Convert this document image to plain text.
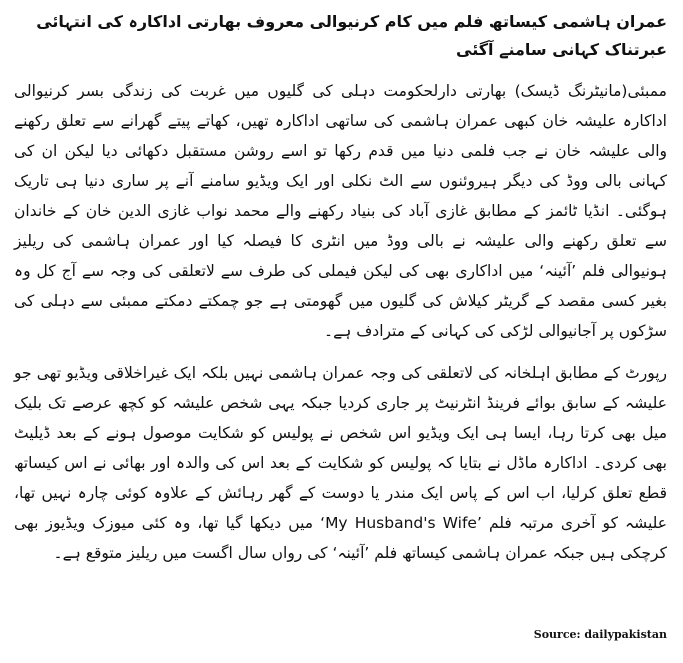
عمران ہاشمی کیساتھ فلم میں کام کرنیوالی معروف بھارتی اداکارہ کی انتہائی عبرتناک کہانی سامنے آگئی

ممبئی(مانیٹرنگ ڈیسک) بھارتی دارلحکومت دہلی کی گلیوں میں غربت کی زندگی بسر کرنیوالی اداکارہ علیشہ خان کبھی عمران ہاشمی کی ساتھی اداکارہ تھیں، کھاتے پیتے گھرانے سے تعلق رکھنے والی علیشہ خان نے جب فلمی دنیا میں قدم رکھا تو اسے روشن مستقبل دکھائی دیا لیکن ان کی کہانی بالی ووڈ کی دیگر ہیروئنوں سے الٹ نکلی اور ایک ویڈیو سامنے آنے پر ساری دنیا ہی تاریک ہوگئی۔ انڈیا ٹائمز کے مطابق غازی آباد کی بنیاد رکھنے والے محمد نواب غازی الدین خان کے خاندان سے تعلق رکھنے والی علیشہ نے بالی ووڈ میں انٹری کا فیصلہ کیا اور عمران ہاشمی کی ریلیز ہونیوالی فلم ’آئینہ‘ میں اداکاری بھی کی لیکن فیملی کی طرف سے لاتعلقی کی وجہ سے آج کل وہ بغیر کسی مقصد کے گریٹر کیلاش کی گلیوں میں گھومتی ہے جو چمکتے دمکتے ممبئی سے دہلی کی سڑکوں پر آجانیوالی لڑکی کی کہانی کے مترادف ہے۔

رپورٹ کے مطابق اہلخانہ کی لاتعلقی کی وجہ عمران ہاشمی نہیں بلکہ ایک غیراخلاقی ویڈیو تھی جو علیشہ کے سابق بوائے فرینڈ انٹرنیٹ پر جاری کردیا جبکہ یہی شخص علیشہ کو کچھ عرصے تک بلیک میل بھی کرتا رہا، ایسا ہی ایک ویڈیو اس شخص نے پولیس کو شکایت موصول ہونے کے بعد ڈیلیٹ بھی کردی۔ اداکارہ ماڈل نے بتایا کہ پولیس کو شکایت کے بعد اس کی والدہ اور بھائی نے اس کیساتھ قطع تعلق کرلیا، اب اس کے پاس ایک مندر یا دوست کے گھر رہائش کے علاوہ کوئی چارہ نہیں تھا، علیشہ کو آخری مرتبہ فلم ’My Husband's Wife‘ میں دیکھا گیا تھا، وہ کئی میوزک ویڈیوز بھی کرچکی ہیں جبکہ عمران ہاشمی کیساتھ فلم ’آئینہ‘ کی رواں سال اگست میں ریلیز متوقع ہے۔

Source: dailypakistan
